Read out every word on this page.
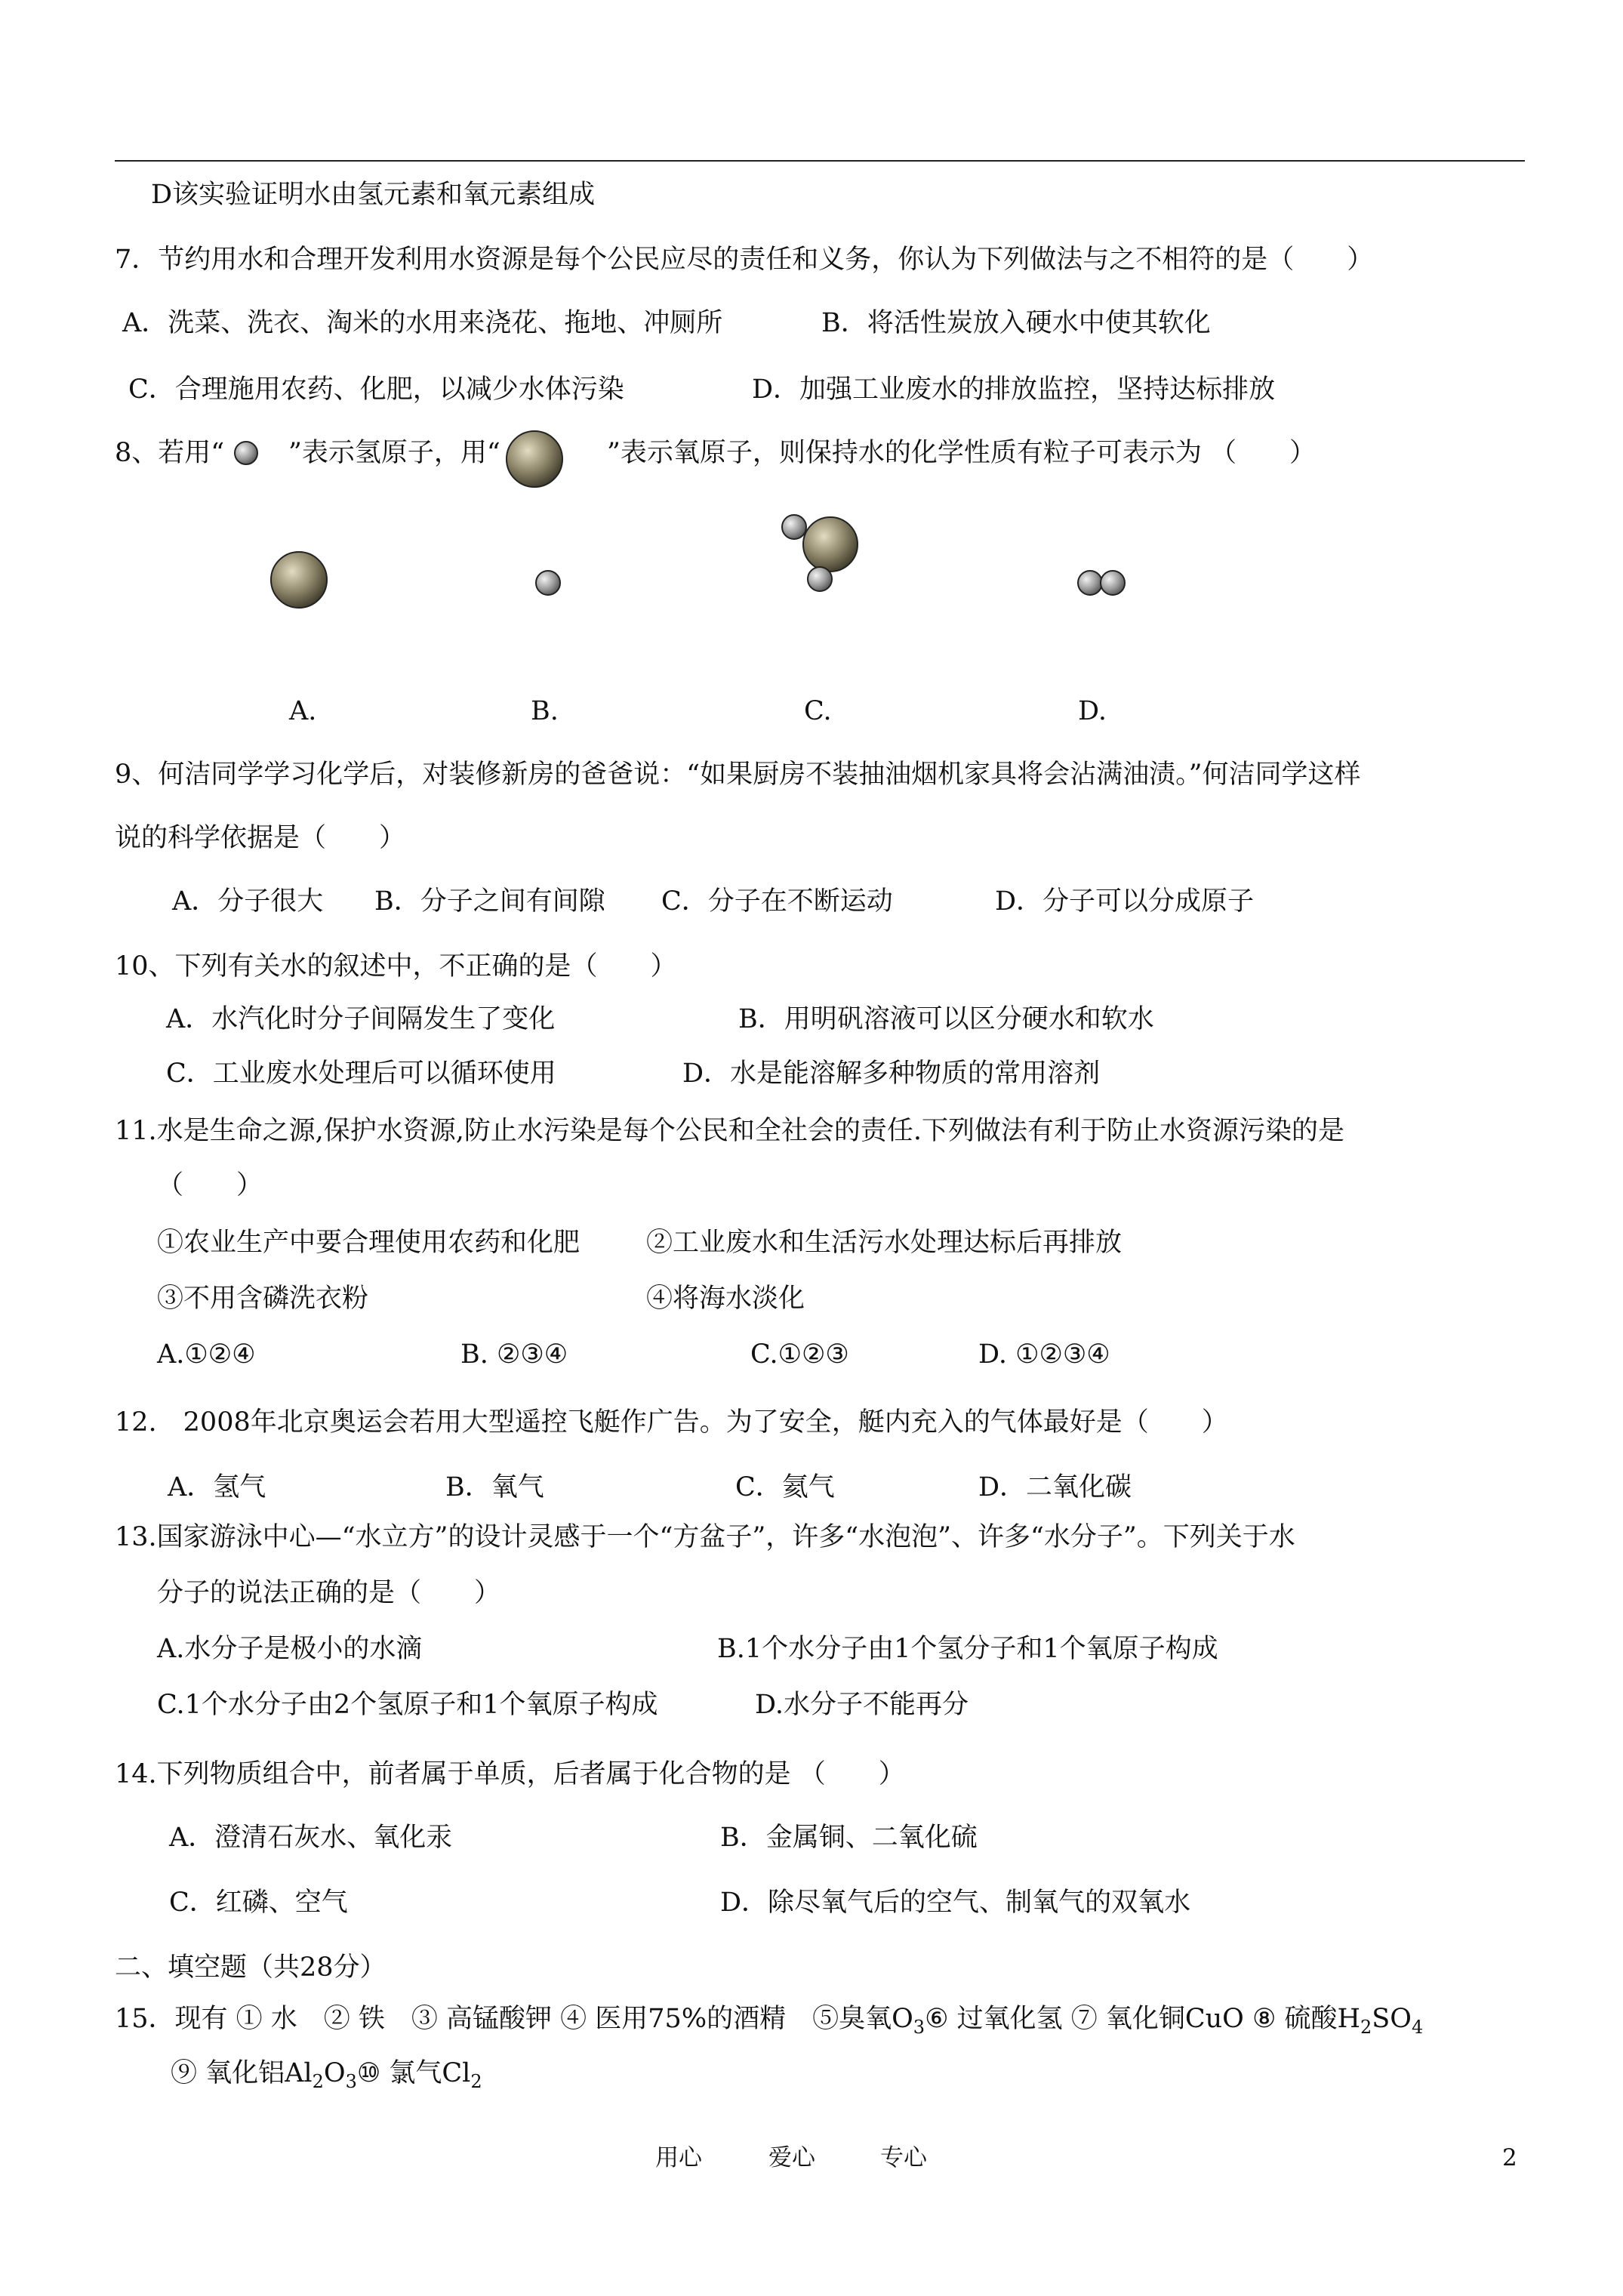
D该实验证明水由氢元素和氧元素组成
7．节约用水和合理开发利用水资源是每个公民应尽的责任和义务，你认为下列做法与之不相符的是（　　）
A．洗菜、洗衣、淘米的水用来浇花、拖地、冲厕所	B．将活性炭放入硬水中使其软化
C．合理施用农药、化肥，以减少水体污染	D．加强工业废水的排放监控，坚持达标排放
8、若用“ ”表示氢原子，用“	”表示氧原子，则保持水的化学性质有粒子可表示为 （　　）
A.	B.	C.	D.
9、何洁同学学习化学后，对装修新房的爸爸说：“如果厨房不装抽油烟机家具将会沾满油渍。”何洁同学这样
说的科学依据是（　　）
A．分子很大 B．分子之间有间隙 C．分子在不断运动	D．分子可以分成原子
10、下列有关水的叙述中，不正确的是（　　）
A．水汽化时分子间隔发生了变化	B．用明矾溶液可以区分硬水和软水
C．工业废水处理后可以循环使用	D．水是能溶解多种物质的常用溶剂
11.水是生命之源,保护水资源,防止水污染是每个公民和全社会的责任.下列做法有利于防止水资源污染的是
（　　）
①农业生产中要合理使用农药和化肥	②工业废水和生活污水处理达标后再排放
③不用含磷洗衣粉	④将海水淡化
A.①②④	B. ②③④	C.①②③	D. ①②③④
12.　2008年北京奥运会若用大型遥控飞艇作广告。为了安全，艇内充入的气体最好是（　　）
A．氢气	B．氧气	C．氦气	D．二氧化碳
13.国家游泳中心—“水立方”的设计灵感于一个“方盆子”，许多“水泡泡”、许多“水分子”。下列关于水
分子的说法正确的是（　　）
A.水分子是极小的水滴	B.1个水分子由1个氢分子和1个氧原子构成
C.1个水分子由2个氢原子和1个氧原子构成	D.水分子不能再分
14.下列物质组合中，前者属于单质，后者属于化合物的是 （　　）
A．澄清石灰水、氧化汞	B．金属铜、二氧化硫
C．红磷、空气	D．除尽氧气后的空气、制氧气的双氧水
二、填空题（共28分）
15．现有 ① 水　② 铁　③ 高锰酸钾 ④ 医用75%的酒精　⑤臭氧$O_3⑥$ 过氧化氢 ⑦ 氧化铜CuO ⑧ 硫酸$H_2SO_4$
⑨ 氧化铝$Al_2O_3⑩$ 氯气$Cl_2$
用心	爱心	专心	2
